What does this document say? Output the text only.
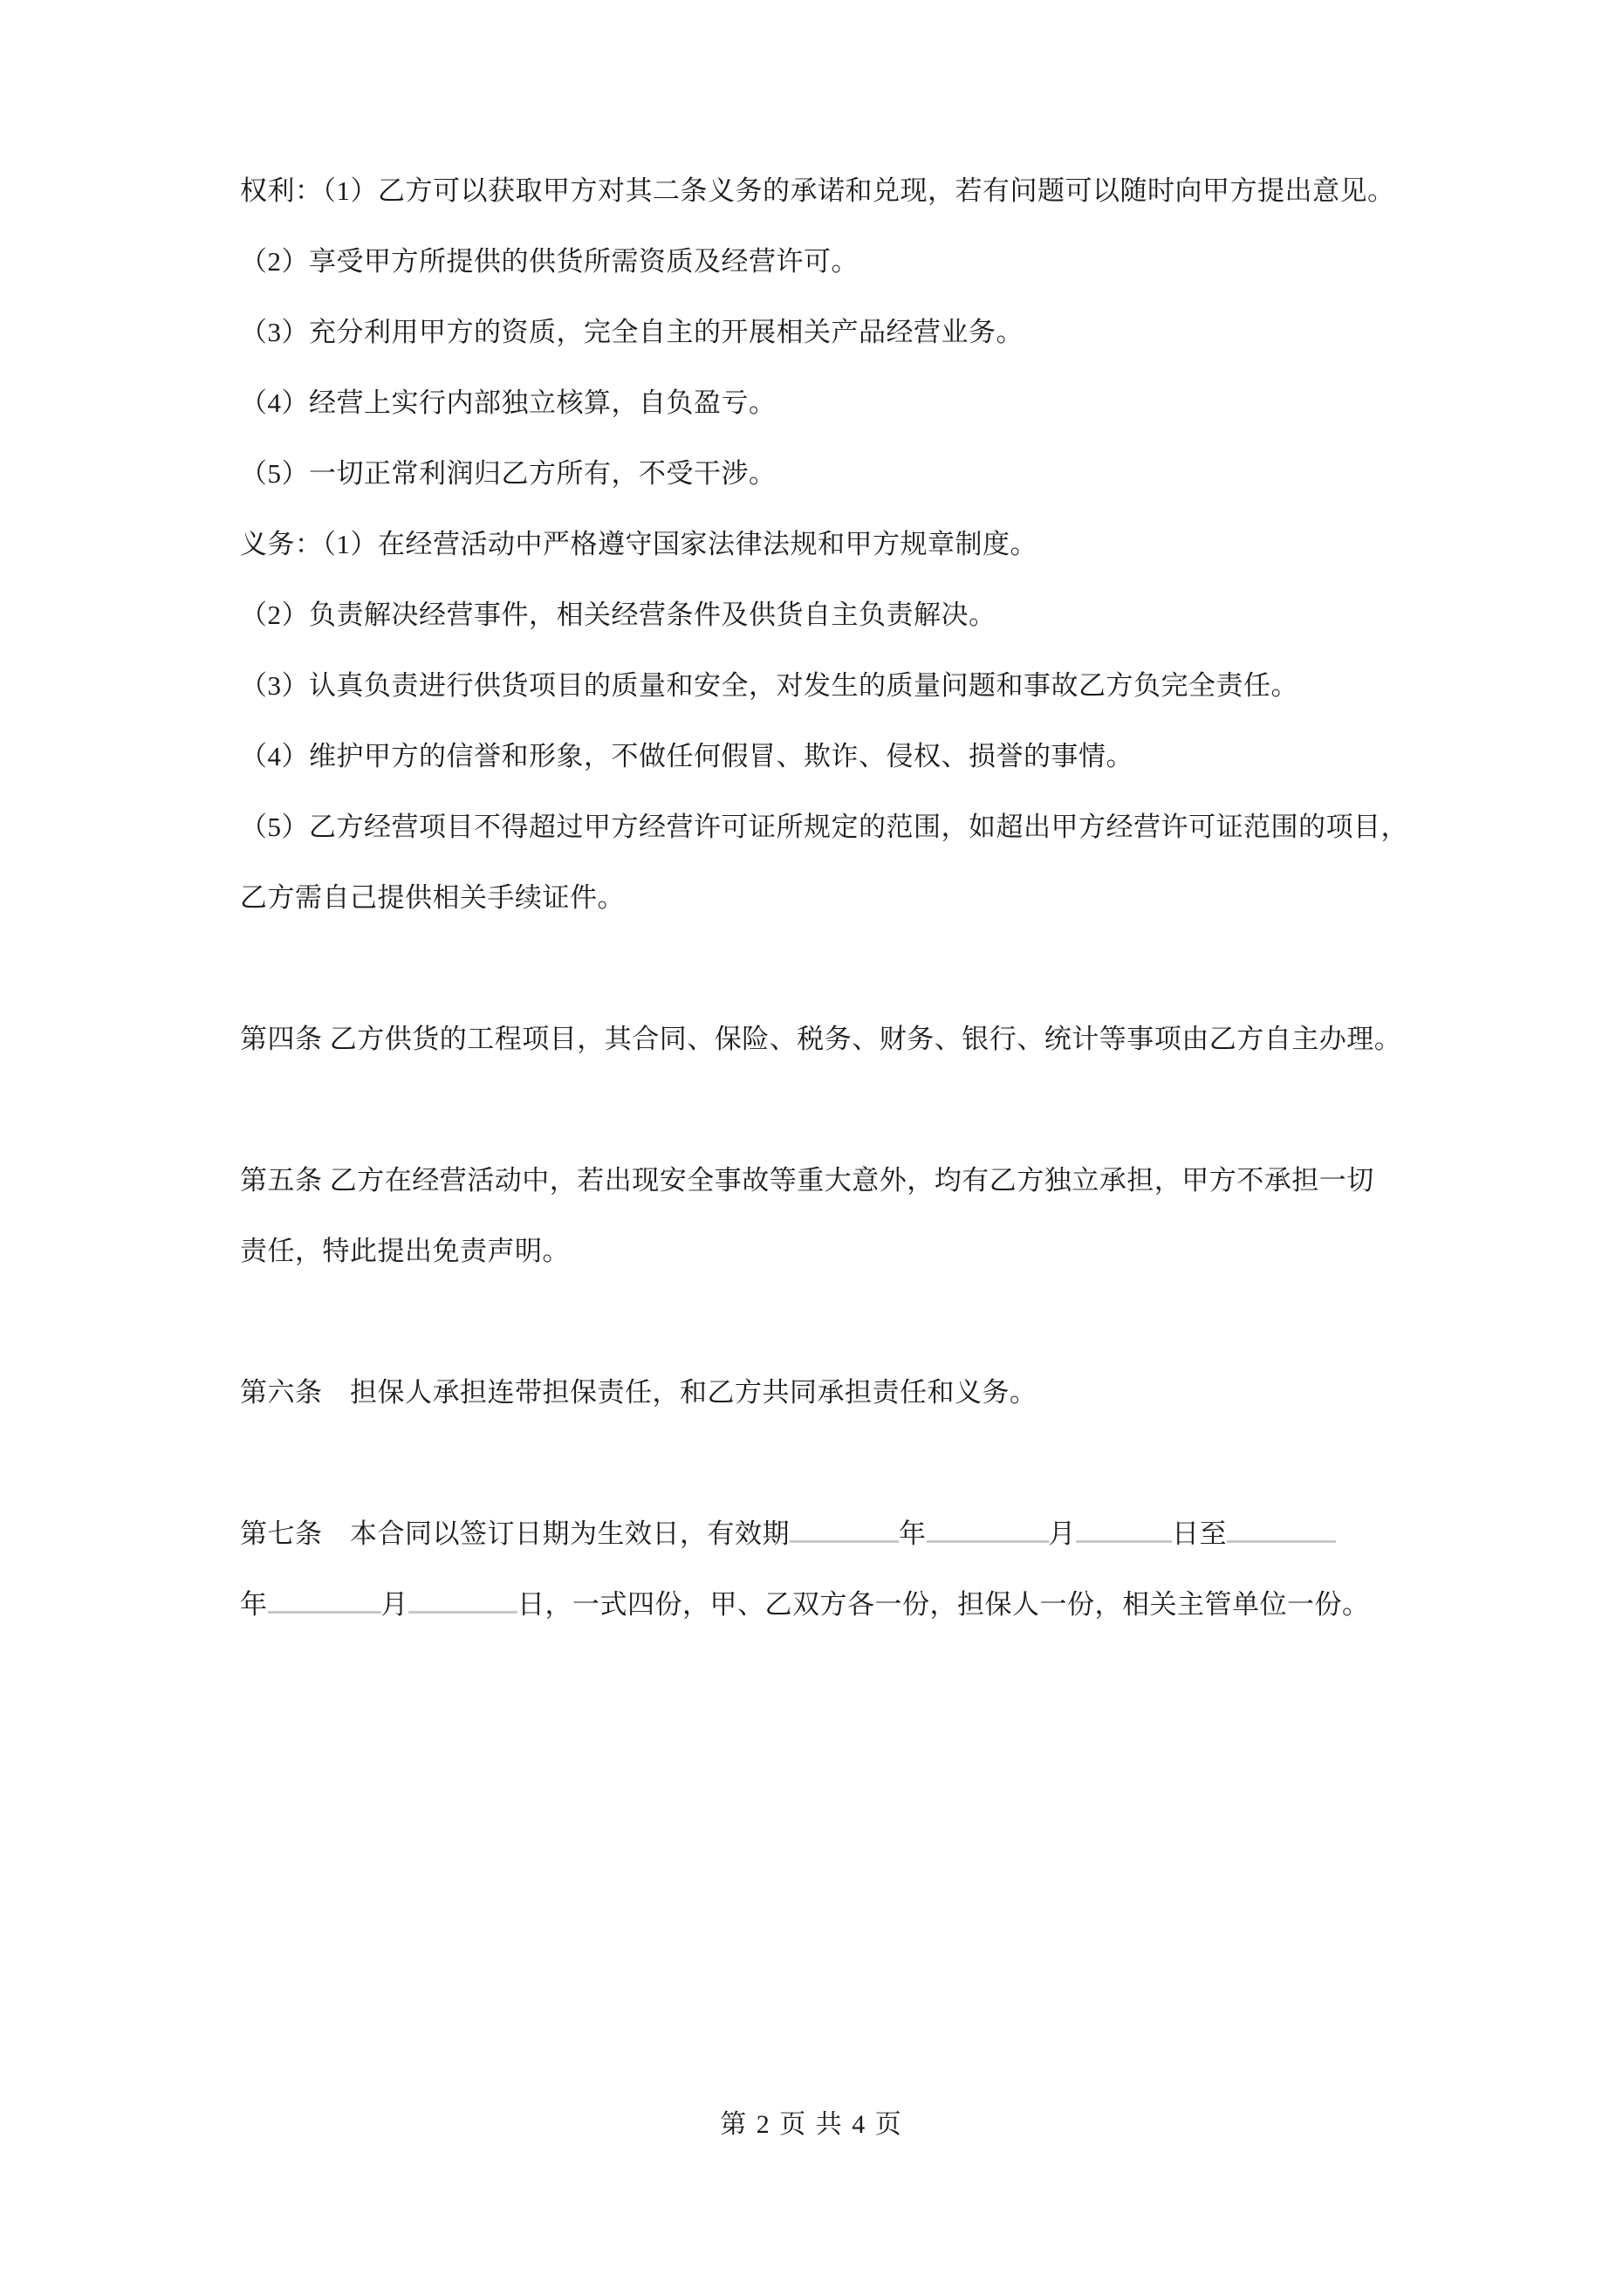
权利：（1）乙方可以获取甲方对其二条义务的承诺和兑现，若有问题可以随时向甲方提出意见。
（2）享受甲方所提供的供货所需资质及经营许可。
（3）充分利用甲方的资质，完全自主的开展相关产品经营业务。
（4）经营上实行内部独立核算，自负盈亏。
（5）一切正常利润归乙方所有，不受干涉。
义务：（1）在经营活动中严格遵守国家法律法规和甲方规章制度。
（2）负责解决经营事件，相关经营条件及供货自主负责解决。
（3）认真负责进行供货项目的质量和安全，对发生的质量问题和事故乙方负完全责任。
（4）维护甲方的信誉和形象，不做任何假冒、欺诈、侵权、损誉的事情。
（5）乙方经营项目不得超过甲方经营许可证所规定的范围，如超出甲方经营许可证范围的项目，
乙方需自己提供相关手续证件。
第四条 乙方供货的工程项目，其合同、保险、税务、财务、银行、统计等事项由乙方自主办理。
第五条 乙方在经营活动中，若出现安全事故等重大意外，均有乙方独立承担，甲方不承担一切
责任，特此提出免责声明。
第六条　担保人承担连带担保责任，和乙方共同承担责任和义务。
第七条　本合同以签订日期为生效日，有效期	年	月	日至
年	月	日，一式四份，甲、乙双方各一份，担保人一份，相关主管单位一份。
第 2 页 共 4 页
